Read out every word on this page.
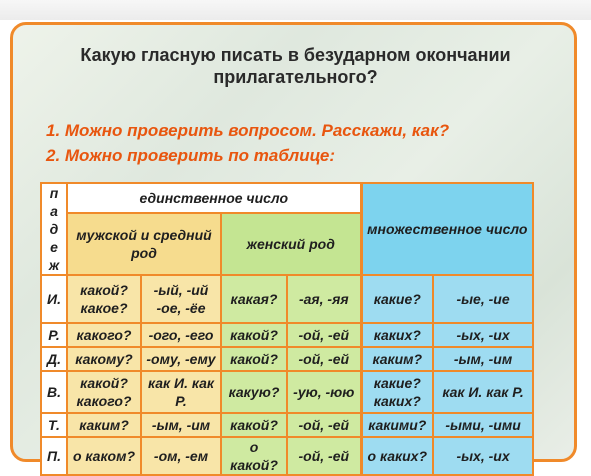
Какую гласную писать в безударном окончании прилагательного?
1. Можно проверить вопросом. Расскажи, как?
2. Можно проверить по таблице:
п
а
д
е
ж	единственное число				множественное число	
	мужской и средний род		женский род			
И.	какой? какое?	-ый, -ий -ое, -ёе	какая?	-ая, -яя	какие?	-ые, -ие
Р.	какого?	-ого, -его	какой?	-ой, -ей	каких?	-ых, -их
Д.	какому?	-ому, -ему	какой?	-ой, -ей	каким?	-ым, -им
В.	какой? какого?	как И. как Р.	какую?	-ую, -юю	какие? каких?	как И. как Р.
Т.	каким?	-ым, -им	какой?	-ой, -ей	какими?	-ыми, -ими
П.	о каком?	-ом, -ем	о какой?	-ой, -ей	о каких?	-ых, -их
